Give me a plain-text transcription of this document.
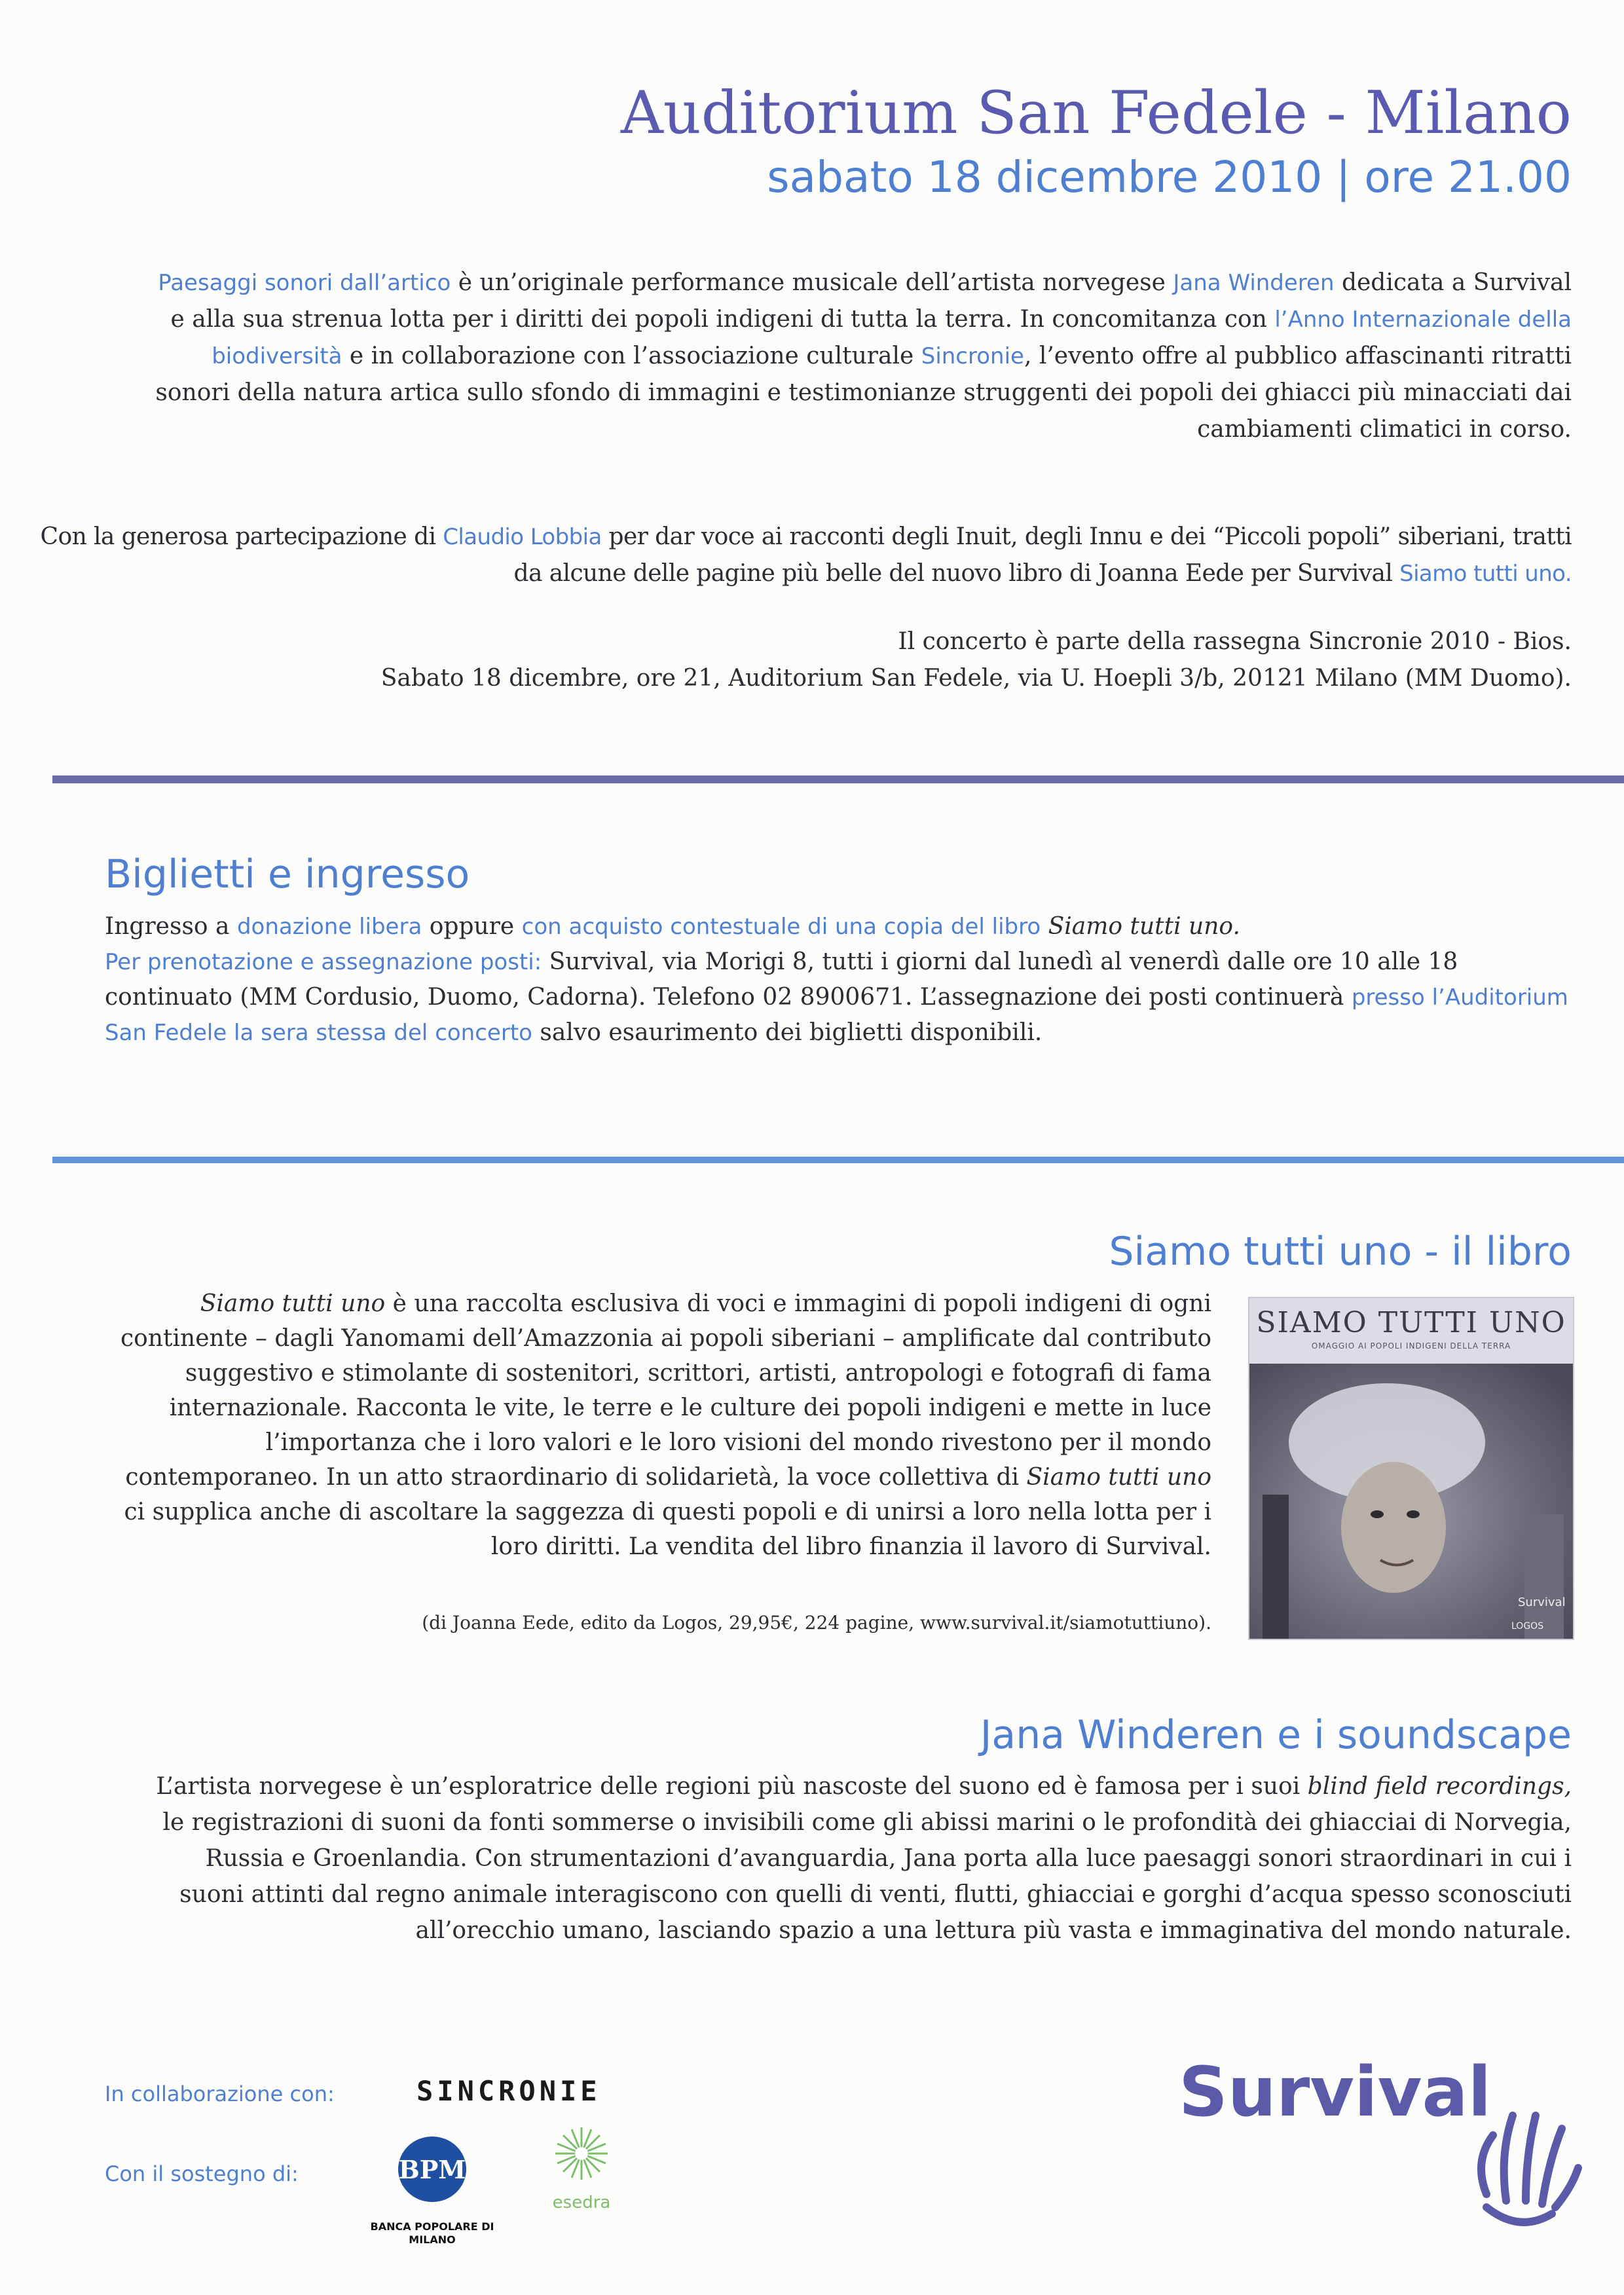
Auditorium San Fedele - Milano
sabato 18 dicembre 2010 | ore 21.00
Paesaggi sonori dall’artico è un’originale performance musicale dell’artista norvegese Jana Winderen dedicata a Survival e alla sua strenua lotta per i diritti dei popoli indigeni di tutta la terra. In concomitanza con l’Anno Internazionale della biodiversità e in collaborazione con l’associazione culturale Sincronie, l’evento offre al pubblico affascinanti ritratti sonori della natura artica sullo sfondo di immagini e testimonianze struggenti dei popoli dei ghiacci più minacciati dai cambiamenti climatici in corso.
Con la generosa partecipazione di Claudio Lobbia per dar voce ai racconti degli Inuit, degli Innu e dei “Piccoli popoli” siberiani, tratti da alcune delle pagine più belle del nuovo libro di Joanna Eede per Survival Siamo tutti uno.
Il concerto è parte della rassegna Sincronie 2010 - Bios.
Sabato 18 dicembre, ore 21, Auditorium San Fedele, via U. Hoepli 3/b, 20121 Milano (MM Duomo).
Biglietti e ingresso
Ingresso a donazione libera oppure con acquisto contestuale di una copia del libro Siamo tutti uno.
Per prenotazione e assegnazione posti: Survival, via Morigi 8, tutti i giorni dal lunedì al venerdì dalle ore 10 alle 18 continuato (MM Cordusio, Duomo, Cadorna). Telefono 02 8900671. L’assegnazione dei posti continuerà presso l’Auditorium San Fedele la sera stessa del concerto salvo esaurimento dei biglietti disponibili.
Siamo tutti uno - il libro
Siamo tutti uno è una raccolta esclusiva di voci e immagini di popoli indigeni di ogni continente – dagli Yanomami dell’Amazzonia ai popoli siberiani – amplificate dal contributo suggestivo e stimolante di sostenitori, scrittori, artisti, antropologi e fotografi di fama internazionale. Racconta le vite, le terre e le culture dei popoli indigeni e mette in luce l’importanza che i loro valori e le loro visioni del mondo rivestono per il mondo contemporaneo. In un atto straordinario di solidarietà, la voce collettiva di Siamo tutti uno ci supplica anche di ascoltare la saggezza di questi popoli e di unirsi a loro nella lotta per i loro diritti. La vendita del libro finanzia il lavoro di Survival.
(di Joanna Eede, edito da Logos, 29,95€, 224 pagine, www.survival.it/siamotuttiuno).
SIAMO TUTTI UNO
OMAGGIO AI POPOLI INDIGENI DELLA TERRA
Survival
LOGOS
Jana Winderen e i soundscape
L’artista norvegese è un’esploratrice delle regioni più nascoste del suono ed è famosa per i suoi blind field recordings, le registrazioni di suoni da fonti sommerse o invisibili come gli abissi marini o le profondità dei ghiacciai di Norvegia, Russia e Groenlandia. Con strumentazioni d’avanguardia, Jana porta alla luce paesaggi sonori straordinari in cui i suoni attinti dal regno animale interagiscono con quelli di venti, flutti, ghiacciai e gorghi d’acqua spesso sconosciuti all’orecchio umano, lasciando spazio a una lettura più vasta e immaginativa del mondo naturale.
In collaborazione con:	SINCRONIE
Con il sostegno di:	BPM
BANCA POPOLARE DI MILANO
esedra
Survival
